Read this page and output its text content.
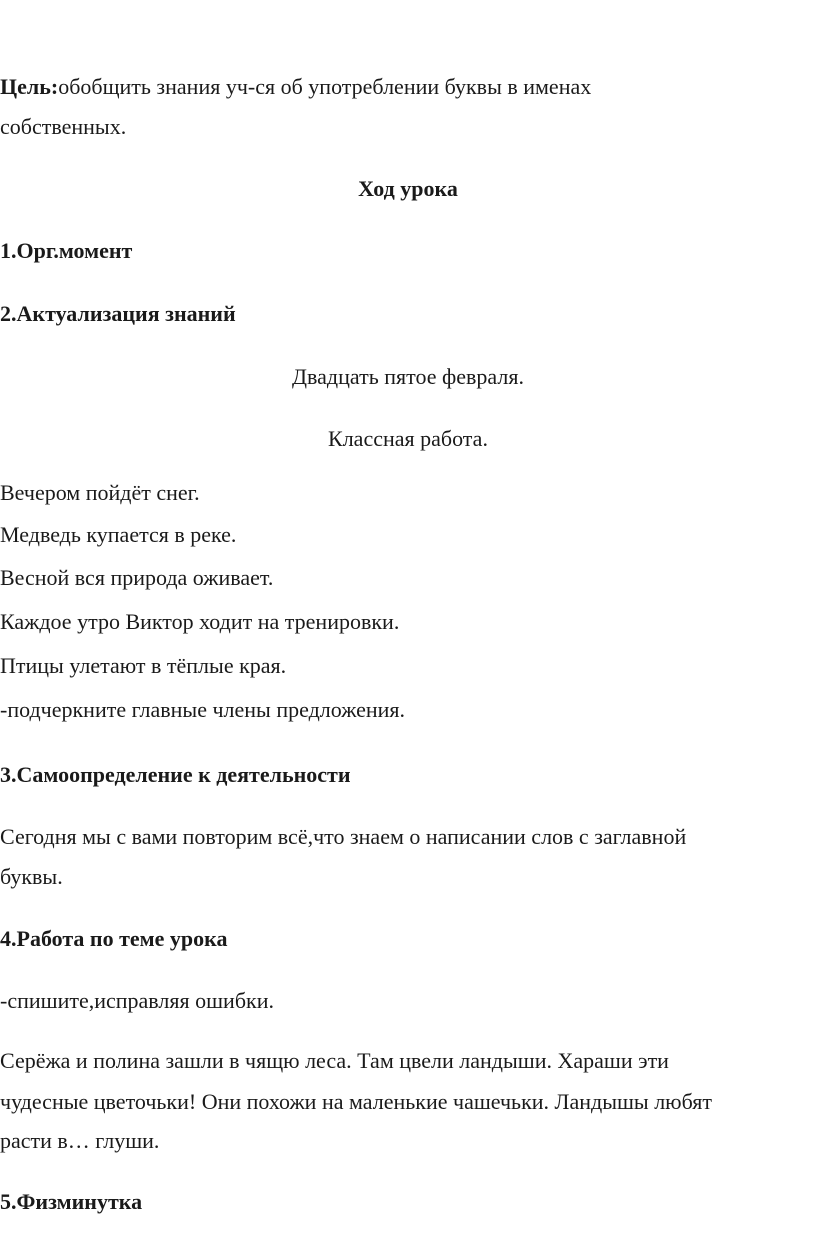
Цель:обобщить знания уч-ся об употреблении буквы в именах
собственных.
Ход урока
1.Орг.момент
2.Актуализация знаний
Двадцать пятое февраля.
Классная работа.
Вечером пойдёт снег.
Медведь купается в реке.
Весной вся природа оживает.
Каждое утро Виктор ходит на тренировки.
Птицы улетают в тёплые края.
-подчеркните главные члены предложения.
3.Самоопределение к деятельности
Сегодня мы с вами повторим всё,что знаем о написании слов с заглавной
буквы.
4.Работа по теме урока
-спишите,исправляя ошибки.
Серёжа и полина зашли в чящю леса. Там цвели ландыши. Хараши эти
чудесные цветочьки! Они похожи на маленькие чашечьки. Ландышы любят
расти в… глуши.
5.Физминутка
